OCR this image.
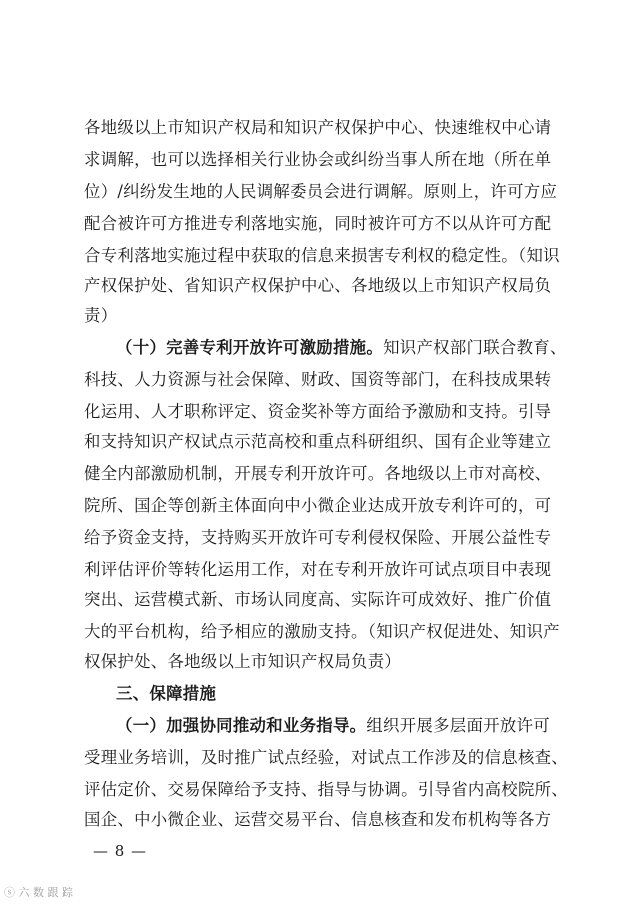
各地级以上市知识产权局和知识产权保护中心、快速维权中心请
求调解，也可以选择相关行业协会或纠纷当事人所在地（所在单
位）/纠纷发生地的人民调解委员会进行调解。原则上，许可方应
配合被许可方推进专利落地实施，同时被许可方不以从许可方配
合专利落地实施过程中获取的信息来损害专利权的稳定性。（知识
产权保护处、省知识产权保护中心、各地级以上市知识产权局负
责）
（十）完善专利开放许可激励措施。知识产权部门联合教育、
科技、人力资源与社会保障、财政、国资等部门，在科技成果转
化运用、人才职称评定、资金奖补等方面给予激励和支持。引导
和支持知识产权试点示范高校和重点科研组织、国有企业等建立
健全内部激励机制，开展专利开放许可。各地级以上市对高校、
院所、国企等创新主体面向中小微企业达成开放专利许可的，可
给予资金支持，支持购买开放许可专利侵权保险、开展公益性专
利评估评价等转化运用工作，对在专利开放许可试点项目中表现
突出、运营模式新、市场认同度高、实际许可成效好、推广价值
大的平台机构，给予相应的激励支持。（知识产权促进处、知识产
权保护处、各地级以上市知识产权局负责）
三、保障措施
（一）加强协同推动和业务指导。组织开展多层面开放许可
受理业务培训，及时推广试点经验，对试点工作涉及的信息核查、
评估定价、交易保障给予支持、指导与协调。引导省内高校院所、
国企、中小微企业、运营交易平台、信息核查和发布机构等各方
— 8 —
ⓢ 六 数 跟 踪
